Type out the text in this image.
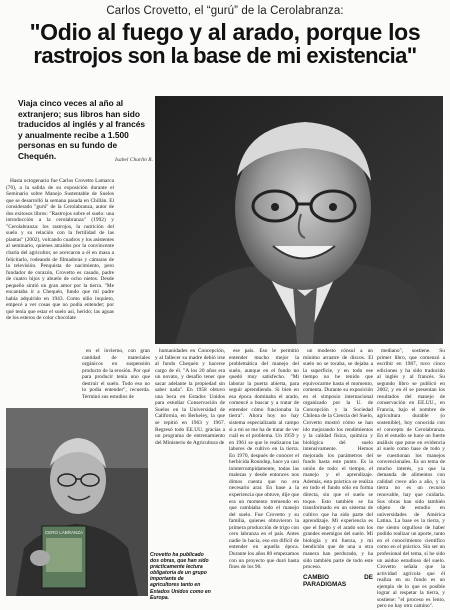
Carlos Crovetto, el “gurú” de la Cerolabranza:
"Odio al fuego y al arado, porque los
rastrojos son la base de mi existencia"
Viaja cinco veces al año al extranjero; sus libros han sido traducidos al inglés y al francés y anualmente recibe a 1.500 personas en su fundo de Chequén.	Isabel Charlin R.

Hasta octogenario fue Carlos Crovetto Lamarca (70), a la salida de su exposición durante el Seminario sobre Manejo Sustentable de Suelos que se desarrolló la semana pasada en Chillán. El considerado "gurú" de la Cerolabranza, autor de dos exitosos libros: "Rastrojos sobre el suelo: una introducción a la cerolabranza" (1992) y "Cerolabranza: los rastrojos, la nutrición del suelo y su relación con la fertilidad de las plantas" (2002), volcando cuadros y los asistentes al seminario, quienes atraídos por la convincente charla del agricultor, se acercaron a él en masa a felicitarlo, rodeando de filmadoras y cámaras de la televisión. Penquista de nacimiento, pero fundador de corazón, Crovetto es casado, padre de cuatro hijos y abuelo de ocho nietos. Desde pequeño sintió un gran amor por la tierra. "Me encantaba ir a Chequén, fundo que mi padre había adquirido en 1943. Como niño inquieto, empecé a ver cosas que no podía entender; por qué tenía que estar el suelo así, herido; las aguas de los esteros de color chocolate

en el invierno, con gran cantidad de materiales orgánicos en suspensión producto de la erosión. Por qué para producir tenía uno que destruir el suelo. Todo eso no lo podía entender", recuerda. Terminó sus estudios de

humanidades en Concepción, y al fallecer su madre debió irse al fundo Chequén y hacerse cargo de él. "A los 20 años era un novato, y desafío tener que sacar adelante la propiedad sin saber nada". En 1958 obtuvo una beca en Estados Unidos para estudiar Conservación de Suelos en la Universidad de California, en Berkeley, la que se repitió en 1963 y 1967. Regresó todo EE.UU. gracias a un programa de entrenamiento del Ministerio de Agricultura de

ese país. Eso le permitió entender mucho mejor la problemática del manejo del suelo, aunque en el fundo no quedó muy satisfecho. "Mi laborar la puerta abierta, para seguir aprendiendo. Si bien en esa época dominaba el arado, comencé a buscar y a tratar de entender cómo funcionaba la tierra". Ahora hoy no hay sistema especializado al campo si a mi se me ha de tratar de ver cuál es el problema. Un 1959 y en 1961 se que le realizaron las labores de cultivo en la tierra. En 1970, después de conocer el herbicida Roundup, hace ya casi ininterrumpidamente, todas las malezas y desde entonces nos dimos cuenta que no era necesario arar. En base a la experiencia que obtuve, dije que era un momento tremendo en que cambiaba todo el manejo del suelo. Fue Crovetto y su familia, quienes obtuvieron la primera producción de trigo con cero labranza en el país. Antes nadie lo hacía, eso era difícil de entender en aquella época. Durante los años 80 empezamos con un proyecto que duró hasta fines de los 90.

un modesto cónsul a un mínimo arrastre de discos. El suelo no se tocaba, se dejaba a la superficie, y en todo ese tiempo no he tenido que equivocarme hasta el momento, comenta. Durante su exposición en el simposio internacional organizado por la U. de Concepción y la Sociedad Chilena de la Ciencia del Suelo, Crovetto mostró cómo se han ido mejorando los rendimientos y la calidad física, química y biológica del suelo intensivamente. Hemos mejorado los parámetros del fundo hasta este punto. Es la unión de todo: el tiempo, el manejo y el aprendizaje. Además, esta práctica se realiza en todo el fundo sólo en forma directa, sin que el suelo se toque. Esto también se ha transformado en un sistema de cultivo que ha sido parte del aprendizaje. Mi experiencia es que el fuego y el arado son los grandes enemigos del suelo. Mi biología y mi fuerza, y mi bendición que de una u otra manera han perdurado, y ha sido también parte de todo este proceso.

CAMBIO DE PARADIGMAS

mediano", sostiene. Su primer libro, que comenzó a escribir en 1987, tuvo cinco ediciones y ha sido traducido al inglés y al francés. Su segundo libro se publicó en 2002, y en él se presentan los resultados del manejo de conservación en EE.UU., en Francia, bajo el nombre de agricultura durable (o sostenible), hoy conocida con el concepto de Cerolabranza. En el estudio se hace un fuerte análisis que pone en evidencia al suelo como base de todo y se cuestionan los manejos convencionales. Es un tema de mucho interés, ya que la demanda de alimentos con calidad crece año a año, y la tierra no es un recurso renovable, hay que cuidarla. Sus obras han sido también objeto de estudio en universidades de América Latina. La base es la tierra, y me siento orgulloso de haber podido realizar un aporte, tanto en el conocimiento científico como en el práctico. Sin ser un profesional del tema, sí he sido un asiduo estudioso del suelo. Crovetto señala que la actividad agrícola que él realiza en su fundo es un ejemplo de lo que es posible lograr al respetar la tierra, y sostiene: "el proceso es lento, pero no hay otro camino".

CERO LABRANZA
Crovetto ha publicado dos obras, que han sido prácticamente lectura obligatoria de un grupo importante de agricultores tanto en Estados Unidos como en Europa.
